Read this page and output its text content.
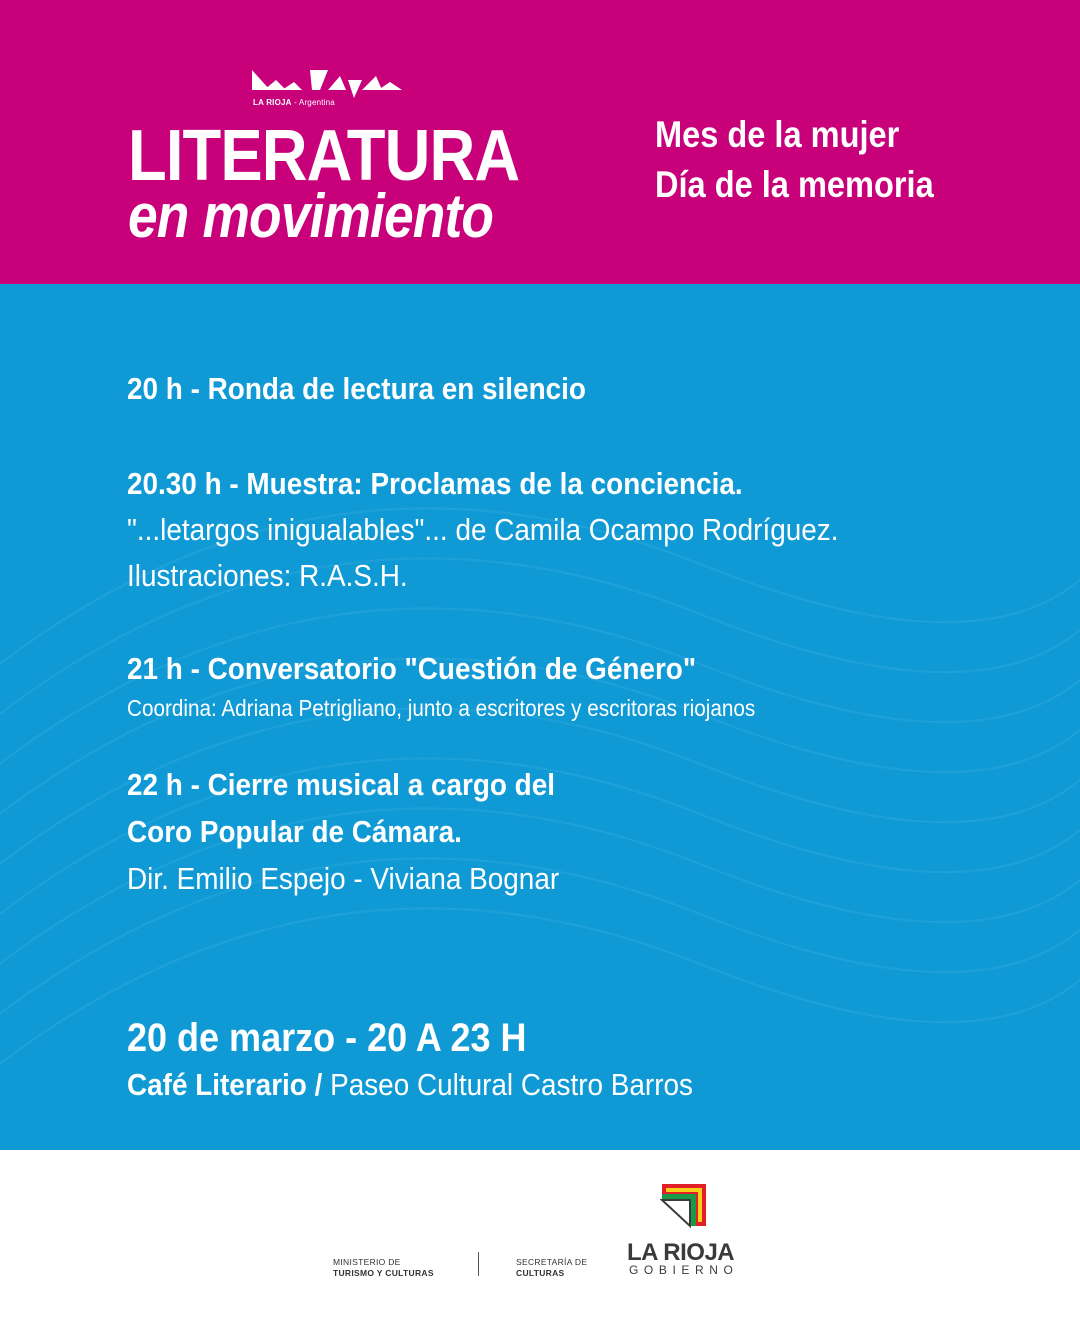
LA RIOJA - Argentina
LITERATURA
en movimiento
Mes de la mujer
Día de la memoria
20 h - Ronda de lectura en silencio
20.30 h - Muestra: Proclamas de la conciencia.
"...letargos inigualables"... de Camila Ocampo Rodríguez.
Ilustraciones: R.A.S.H.
21 h - Conversatorio "Cuestión de Género"
Coordina: Adriana Petrigliano, junto a escritores y escritoras riojanos
22 h - Cierre musical a cargo del
Coro Popular de Cámara.
Dir. Emilio Espejo - Viviana Bognar
20 de marzo - 20 A 23 H
Café Literario / Paseo Cultural Castro Barros
MINISTERIO DE
TURISMO Y CULTURAS
SECRETARÍA DE
CULTURAS
LA RIOJA
GOBIERNO
